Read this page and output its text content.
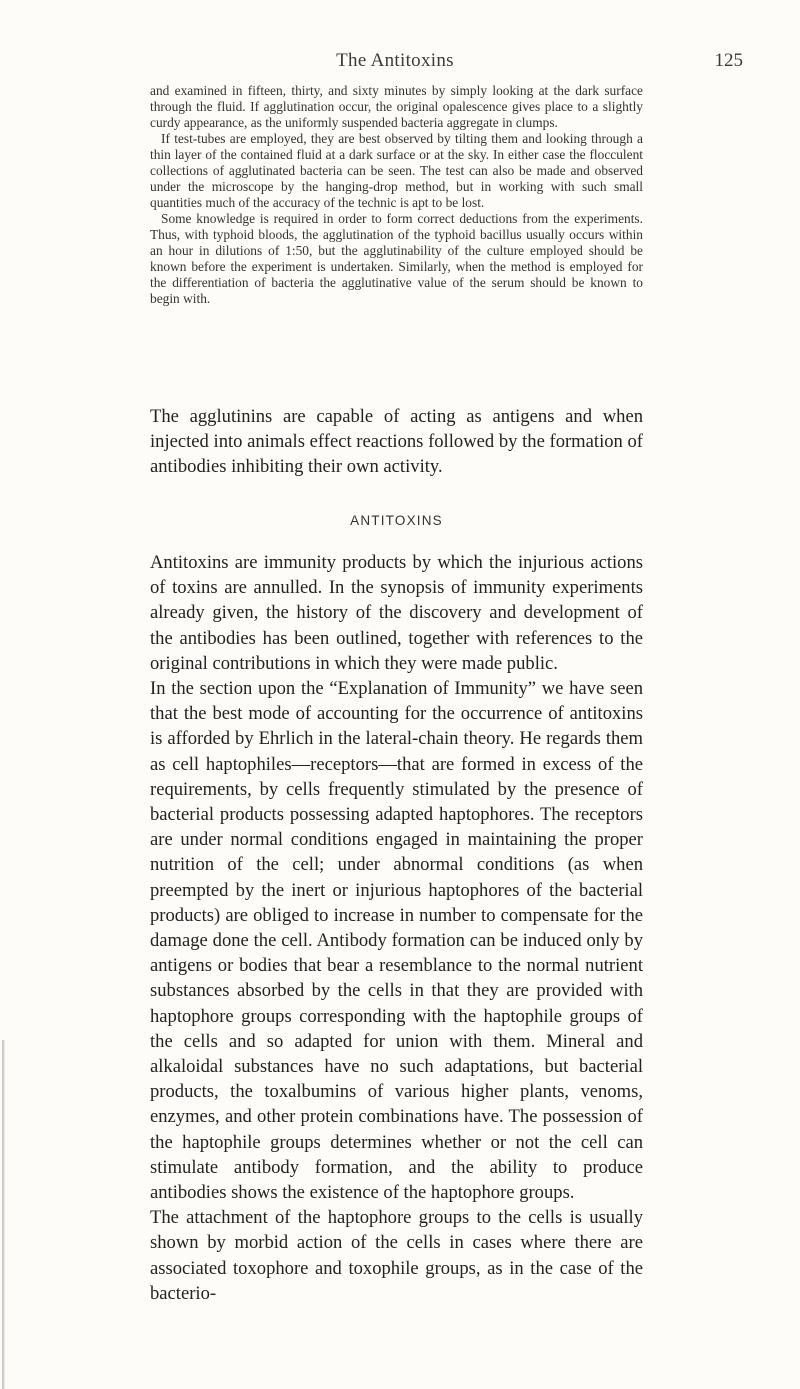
The Antitoxins	125

and examined in fifteen, thirty, and sixty minutes by simply looking at the dark surface through the fluid. If agglutination occur, the original opalescence gives place to a slightly curdy appearance, as the uniformly suspended bacteria aggregate in clumps.

If test-tubes are employed, they are best observed by tilting them and looking through a thin layer of the contained fluid at a dark surface or at the sky. In either case the flocculent collections of agglutinated bacteria can be seen. The test can also be made and observed under the microscope by the hanging-drop method, but in working with such small quantities much of the accuracy of the technic is apt to be lost.

Some knowledge is required in order to form correct deductions from the experiments. Thus, with typhoid bloods, the agglutination of the typhoid bacillus usually occurs within an hour in dilutions of 1:50, but the agglutinability of the culture employed should be known before the experiment is undertaken. Similarly, when the method is employed for the differentiation of bacteria the agglutinative value of the serum should be known to begin with.

The agglutinins are capable of acting as antigens and when injected into animals effect reactions followed by the formation of antibodies inhibiting their own activity.

ANTITOXINS

Antitoxins are immunity products by which the injurious actions of toxins are annulled. In the synopsis of immunity experiments already given, the history of the discovery and development of the antibodies has been outlined, together with references to the original contributions in which they were made public.

In the section upon the “Explanation of Immunity” we have seen that the best mode of accounting for the occurrence of antitoxins is afforded by Ehrlich in the lateral-chain theory. He regards them as cell haptophiles—receptors—that are formed in excess of the requirements, by cells frequently stimulated by the presence of bacterial products possessing adapted haptophores. The receptors are under normal conditions engaged in maintaining the proper nutrition of the cell; under abnormal conditions (as when preempted by the inert or injurious haptophores of the bacterial products) are obliged to increase in number to compensate for the damage done the cell. Antibody formation can be induced only by antigens or bodies that bear a resemblance to the normal nutrient substances absorbed by the cells in that they are provided with haptophore groups corresponding with the haptophile groups of the cells and so adapted for union with them. Mineral and alkaloidal substances have no such adaptations, but bacterial products, the toxalbumins of various higher plants, venoms, enzymes, and other protein combinations have. The possession of the haptophile groups determines whether or not the cell can stimulate antibody formation, and the ability to produce antibodies shows the existence of the haptophore groups.

The attachment of the haptophore groups to the cells is usually shown by morbid action of the cells in cases where there are associated toxophore and toxophile groups, as in the case of the bacterio-
